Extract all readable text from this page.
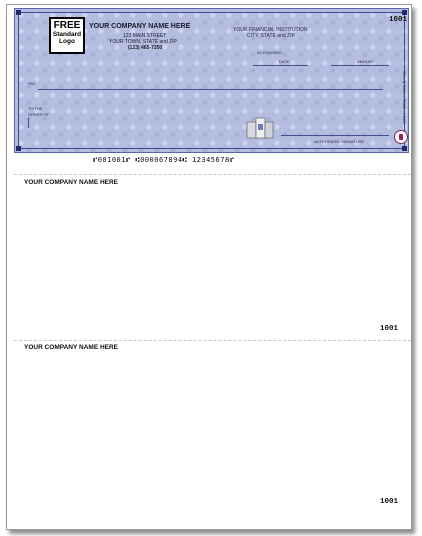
FREE
Standard
Logo
YOUR COMPANY NAME HERE
123 MAIN STREET
YOUR TOWN, STATE and ZIP
(123) 465-7250
YOUR FINANCIAL INSTITUTION
CITY, STATE and ZIP
00-6789/0000
1001
DATE	AMOUNT
PAY
TO THE
ORDER OF
AUTHORIZED SIGNATURE
Security features. Details on back.
⑈001001⑈ ⑆000067894⑆ 12345678⑈
YOUR COMPANY NAME HERE
1001
YOUR COMPANY NAME HERE
1001
